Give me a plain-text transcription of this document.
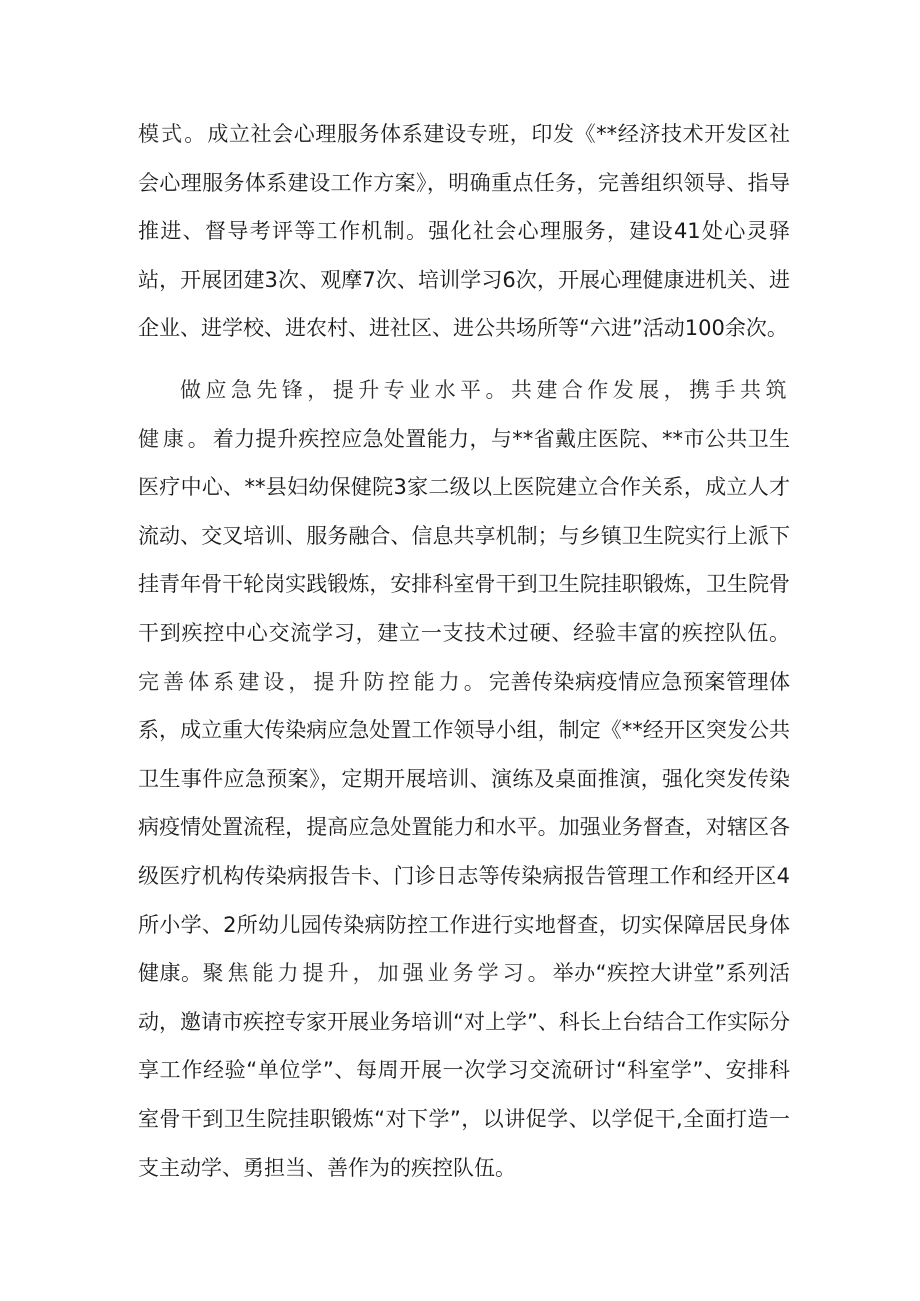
模式。成立社会心理服务体系建设专班，印发《**经济技术开发区社会心理服务体系建设工作方案》，明确重点任务，完善组织领导、指导推进、督导考评等工作机制。强化社会心理服务，建设41处心灵驿站，开展团建3次、观摩7次、培训学习6次，开展心理健康进机关、进企业、进学校、进农村、进社区、进公共场所等“六进”活动100余次。

做应急先锋，提升专业水平。共建合作发展，携手共筑健康。着力提升疾控应急处置能力，与**省戴庄医院、**市公共卫生医疗中心、**县妇幼保健院3家二级以上医院建立合作关系，成立人才流动、交叉培训、服务融合、信息共享机制；与乡镇卫生院实行上派下挂青年骨干轮岗实践锻炼，安排科室骨干到卫生院挂职锻炼，卫生院骨干到疾控中心交流学习，建立一支技术过硬、经验丰富的疾控队伍。完善体系建设，提升防控能力。完善传染病疫情应急预案管理体系，成立重大传染病应急处置工作领导小组，制定《**经开区突发公共卫生事件应急预案》，定期开展培训、演练及桌面推演，强化突发传染病疫情处置流程，提高应急处置能力和水平。加强业务督查，对辖区各级医疗机构传染病报告卡、门诊日志等传染病报告管理工作和经开区4所小学、2所幼儿园传染病防控工作进行实地督查，切实保障居民身体健康。聚焦能力提升，加强业务学习。举办“疾控大讲堂”系列活动，邀请市疾控专家开展业务培训“对上学”、科长上台结合工作实际分享工作经验“单位学”、每周开展一次学习交流研讨“科室学”、安排科室骨干到卫生院挂职锻炼“对下学”，以讲促学、以学促干,全面打造一支主动学、勇担当、善作为的疾控队伍。
